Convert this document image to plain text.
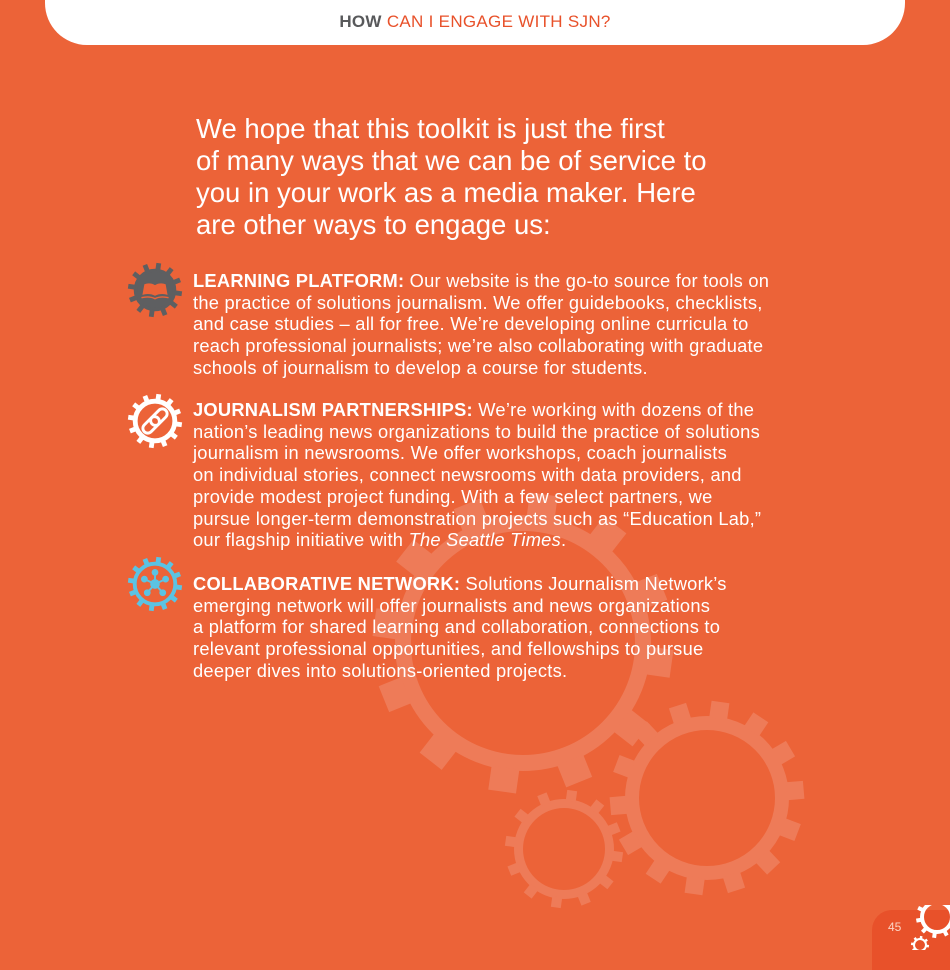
HOW CAN I ENGAGE WITH SJN?
We hope that this toolkit is just the first
of many ways that we can be of service to
you in your work as a media maker. Here
are other ways to engage us:
LEARNING PLATFORM: Our website is the go-to source for tools on
the practice of solutions journalism. We offer guidebooks, checklists,
and case studies – all for free. We’re developing online curricula to
reach professional journalists; we’re also collaborating with graduate
schools of journalism to develop a course for students.
JOURNALISM PARTNERSHIPS: We’re working with dozens of the
nation’s leading news organizations to build the practice of solutions
journalism in newsrooms. We offer workshops, coach journalists
on individual stories, connect newsrooms with data providers, and
provide modest project funding. With a few select partners, we
pursue longer-term demonstration projects such as “Education Lab,”
our flagship initiative with The Seattle Times.
COLLABORATIVE NETWORK: Solutions Journalism Network’s
emerging network will offer journalists and news organizations
a platform for shared learning and collaboration, connections to
relevant professional opportunities, and fellowships to pursue
deeper dives into solutions-oriented projects.
45
